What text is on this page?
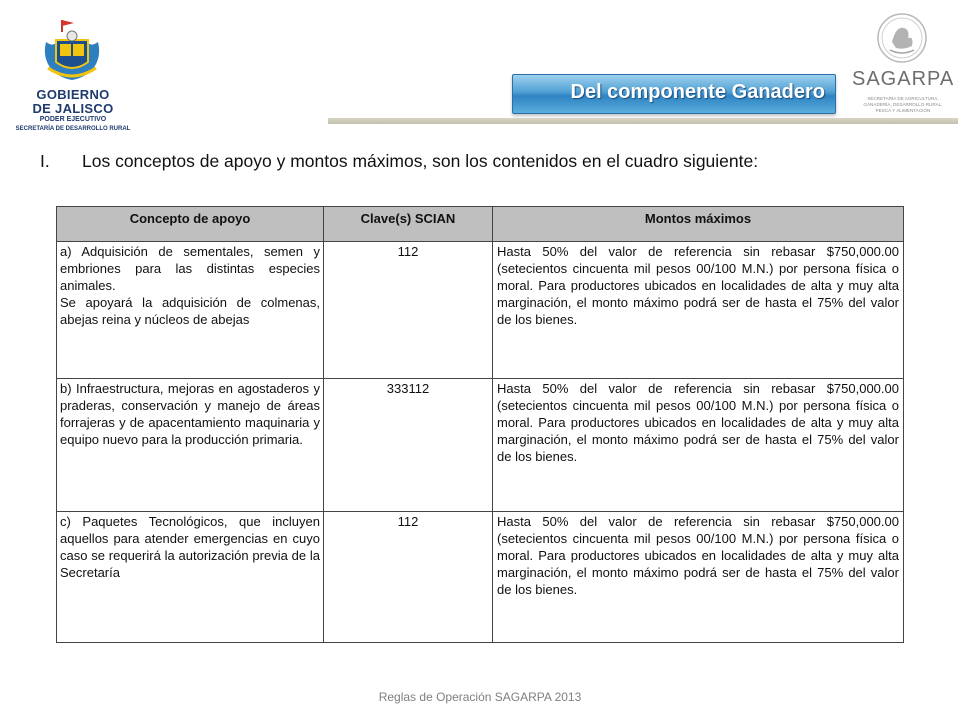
GOBIERNO
DE JALISCO
PODER EJECUTIVO
SECRETARÍA DE DESARROLLO RURAL
SAGARPA
SECRETARÍA DE AGRICULTURA,
GANADERÍA, DESARROLLO RURAL,
PESCA Y ALIMENTACIÓN
Del componente Ganadero
I. Los conceptos de apoyo y montos máximos, son los contenidos en el cuadro siguiente:
Concepto de apoyo	Clave(s) SCIAN	Montos máximos

a) Adquisición de sementales, semen y embriones para las distintas especies animales.

Se apoyará la adquisición de colmenas, abejas reina y núcleos de abejas	112	Hasta 50% del valor de referencia sin rebasar $750,000.00 (setecientos cincuenta mil pesos 00/100 M.N.) por persona física o moral. Para productores ubicados en localidades de alta y muy alta marginación, el monto máximo podrá ser de hasta el 75% del valor de los bienes.

b) Infraestructura, mejoras en agostaderos y praderas, conservación y manejo de áreas forrajeras y de apacentamiento maquinaria y equipo nuevo para la producción primaria.	333112	Hasta 50% del valor de referencia sin rebasar $750,000.00 (setecientos cincuenta mil pesos 00/100 M.N.) por persona física o moral. Para productores ubicados en localidades de alta y muy alta marginación, el monto máximo podrá ser de hasta el 75% del valor de los bienes.

c) Paquetes Tecnológicos, que incluyen aquellos para atender emergencias en cuyo caso se requerirá la autorización previa de la Secretaría	112	Hasta 50% del valor de referencia sin rebasar $750,000.00 (setecientos cincuenta mil pesos 00/100 M.N.) por persona física o moral. Para productores ubicados en localidades de alta y muy alta marginación, el monto máximo podrá ser de hasta el 75% del valor de los bienes.
Reglas de Operación SAGARPA 2013
